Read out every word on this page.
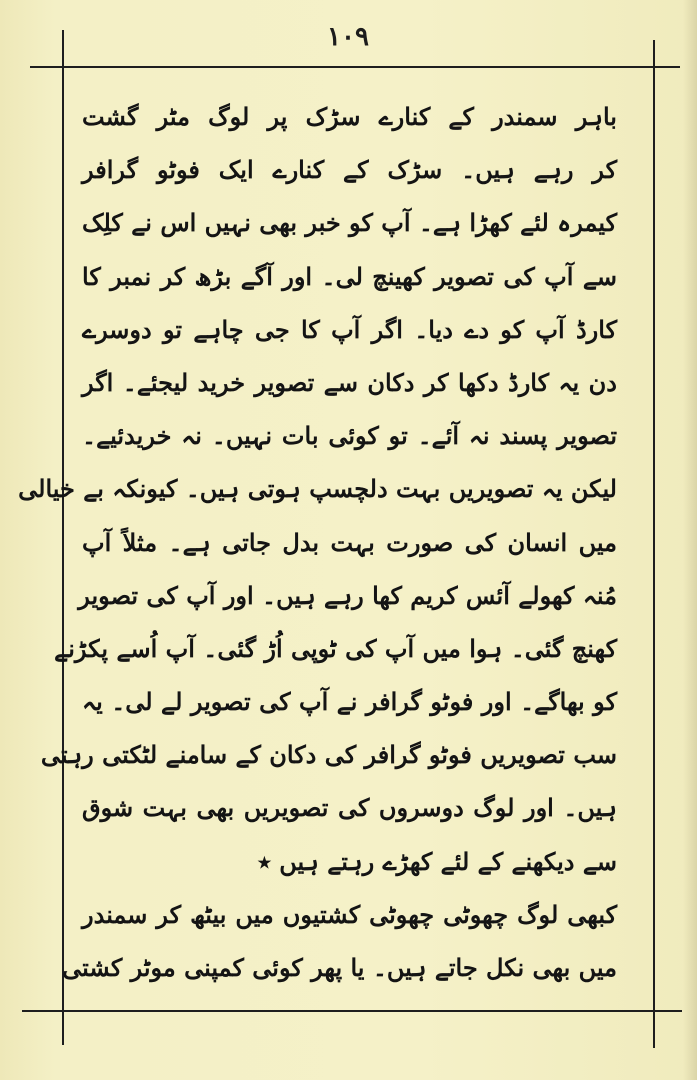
۱۰۹
باہر سمندر کے کنارے سڑک پر لوگ مٹر گشت
کر رہے ہیں۔ سڑک کے کنارے ایک فوٹو گرافر
کیمرہ لئے کھڑا ہے۔ آپ کو خبر بھی نہیں اس نے کلِک
سے آپ کی تصویر کھینچ لی۔ اور آگے بڑھ کر نمبر کا
کارڈ آپ کو دے دیا۔ اگر آپ کا جی چاہے تو دوسرے
دن یہ کارڈ دکھا کر دکان سے تصویر خرید لیجئے۔ اگر
تصویر پسند نہ آئے۔ تو کوئی بات نہیں۔ نہ خریدئیے۔
لیکن یہ تصویریں بہت دلچسپ ہوتی ہیں۔ کیونکہ بے خیالی
میں انسان کی صورت بہت بدل جاتی ہے۔ مثلاً آپ
مُنہ کھولے آئس کریم کھا رہے ہیں۔ اور آپ کی تصویر
کھنچ گئی۔ ہوا میں آپ کی ٹوپی اُڑ گئی۔ آپ اُسے پکڑنے
کو بھاگے۔ اور فوٹو گرافر نے آپ کی تصویر لے لی۔ یہ
سب تصویریں فوٹو گرافر کی دکان کے سامنے لٹکتی رہتی
ہیں۔ اور لوگ دوسروں کی تصویریں بھی بہت شوق
سے دیکھنے کے لئے کھڑے رہتے ہیں ٭
کبھی لوگ چھوٹی چھوٹی کشتیوں میں بیٹھ کر سمندر
میں بھی نکل جاتے ہیں۔ یا پھر کوئی کمپنی موٹر کشتی
